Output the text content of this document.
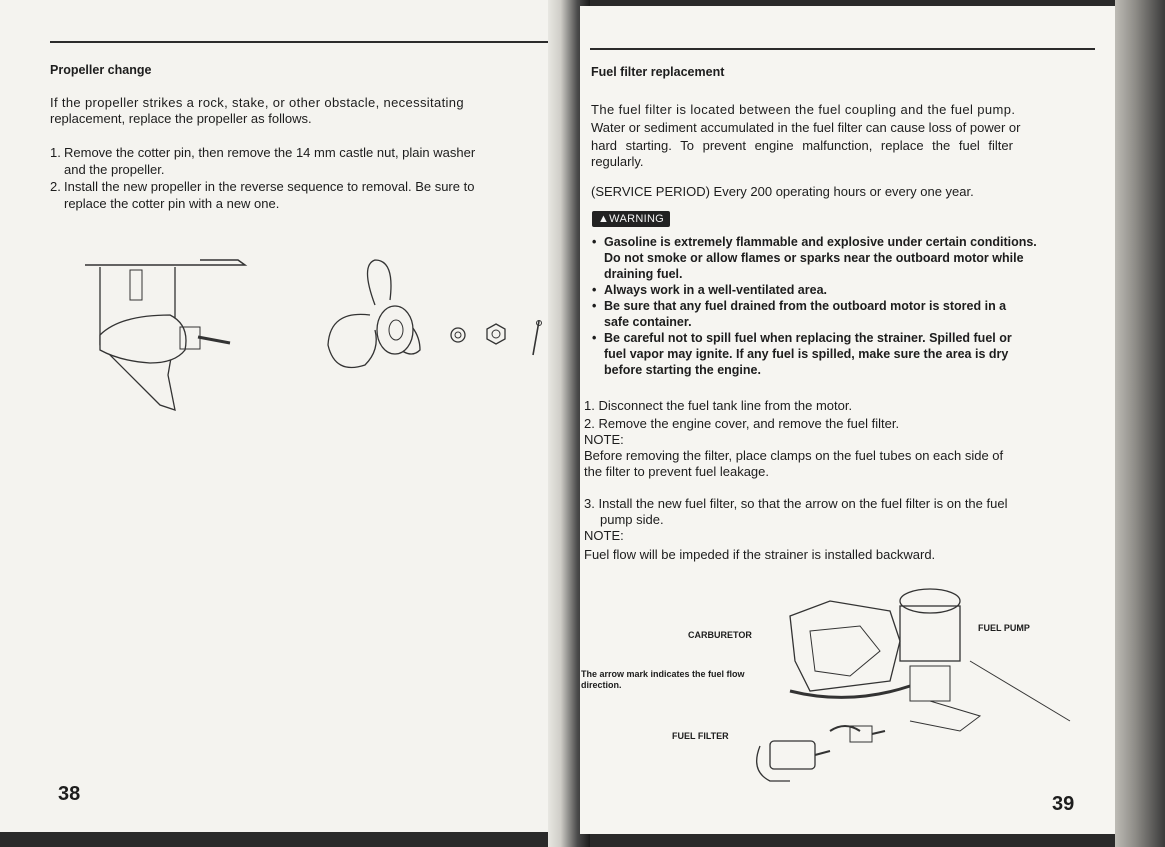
Propeller change
If the propeller strikes a rock, stake, or other obstacle, necessitating
replacement, replace the propeller as follows.
1. Remove the cotter pin, then remove the 14 mm castle nut, plain washer
and the propeller.
2. Install the new propeller in the reverse sequence to removal. Be sure to
replace the cotter pin with a new one.
38
Fuel filter replacement
The fuel filter is located between the fuel coupling and the fuel pump.
Water or sediment accumulated in the fuel filter can cause loss of power or
hard starting. To prevent engine malfunction, replace the fuel filter
regularly.
(SERVICE PERIOD) Every 200 operating hours or every one year.
▲WARNING
• Gasoline is extremely flammable and explosive under certain conditions.
Do not smoke or allow flames or sparks near the outboard motor while
draining fuel.
• Always work in a well-ventilated area.
• Be sure that any fuel drained from the outboard motor is stored in a
safe container.
• Be careful not to spill fuel when replacing the strainer. Spilled fuel or
fuel vapor may ignite. If any fuel is spilled, make sure the area is dry
before starting the engine.
1. Disconnect the fuel tank line from the motor.
2. Remove the engine cover, and remove the fuel filter.
NOTE:
Before removing the filter, place clamps on the fuel tubes on each side of
the filter to prevent fuel leakage.
3. Install the new fuel filter, so that the arrow on the fuel filter is on the fuel
pump side.
NOTE:
Fuel flow will be impeded if the strainer is installed backward.
CARBURETOR
FUEL PUMP
The arrow mark indicates the fuel flow
direction.
FUEL FILTER
39
